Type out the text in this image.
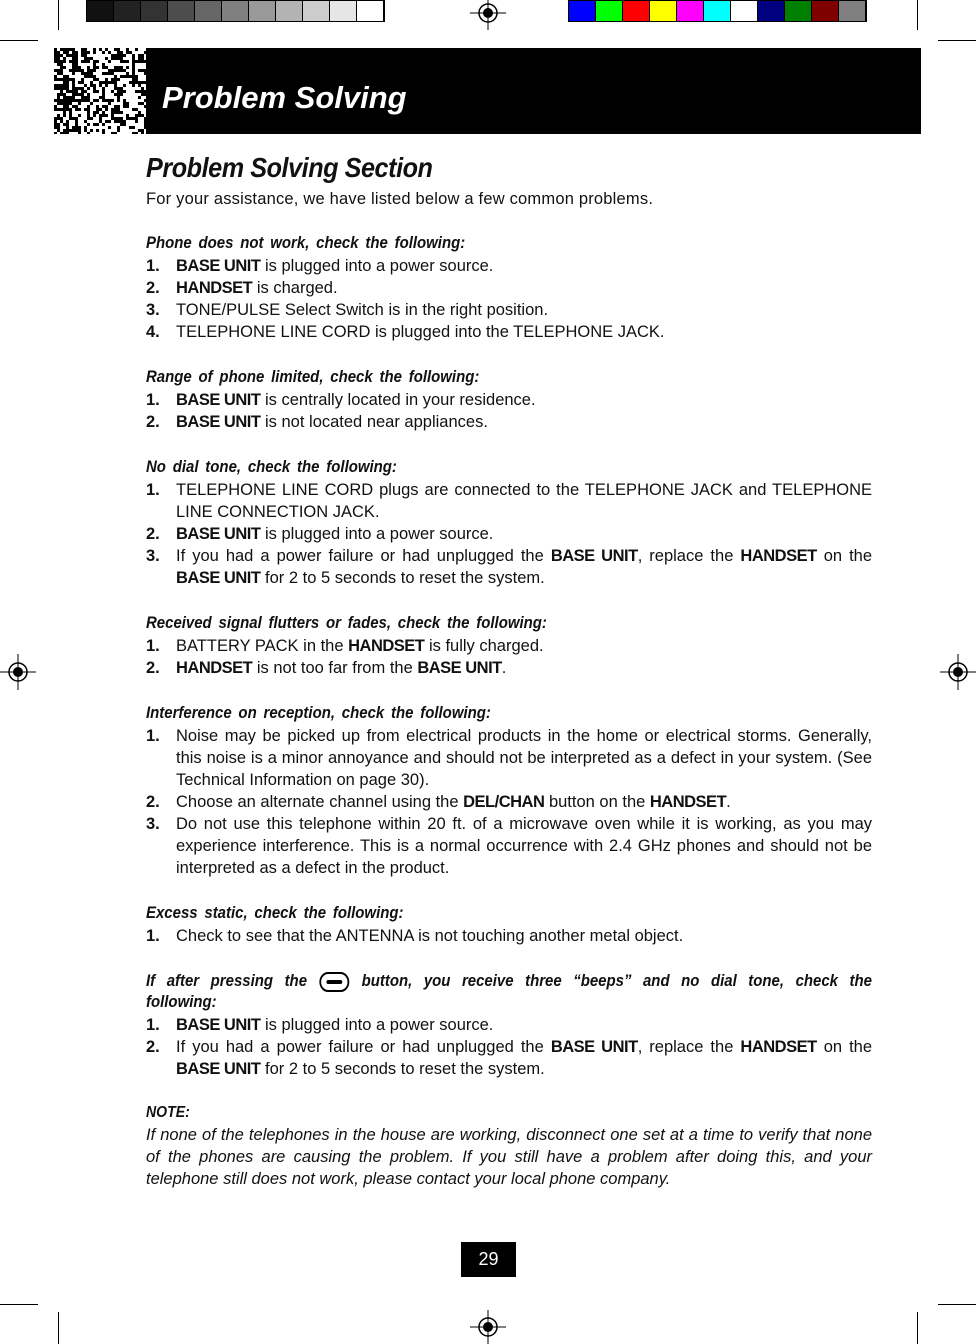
Problem Solving
Problem Solving Section

For your assistance, we have listed below a few common problems.

Phone does not work, check the following:
1. BASE UNIT is plugged into a power source.
2. HANDSET is charged.
3. TONE/PULSE Select Switch is in the right position.
4. TELEPHONE LINE CORD is plugged into the TELEPHONE JACK.
Range of phone limited, check the following:
1. BASE UNIT is centrally located in your residence.
2. BASE UNIT is not located near appliances.
No dial tone, check the following:
1. TELEPHONE LINE CORD plugs are connected to the TELEPHONE JACK and TELEPHONE LINE CONNECTION JACK.
2. BASE UNIT is plugged into a power source.
3. If you had a power failure or had unplugged the BASE UNIT, replace the HANDSET on the BASE UNIT for 2 to 5 seconds to reset the system.
Received signal flutters or fades, check the following:
1. BATTERY PACK in the HANDSET is fully charged.
2. HANDSET is not too far from the BASE UNIT.
Interference on reception, check the following:
1. Noise may be picked up from electrical products in the home or electrical storms. Generally, this noise is a minor annoyance and should not be interpreted as a defect in your system. (See Technical Information on page 30).
2. Choose an alternate channel using the DEL/CHAN button on the HANDSET.
3. Do not use this telephone within 20 ft. of a microwave oven while it is working, as you may experience interference. This is a normal occurrence with 2.4 GHz phones and should not be interpreted as a defect in the product.
Excess static, check the following:
1. Check to see that the ANTENNA is not touching another metal object.
If after pressing the	button, you receive three “beeps” and no dial tone, check the following:
1. BASE UNIT is plugged into a power source.
2. If you had a power failure or had unplugged the BASE UNIT, replace the HANDSET on the BASE UNIT for 2 to 5 seconds to reset the system.
NOTE:

If none of the telephones in the house are working, disconnect one set at a time to verify that none of the phones are causing the problem. If you still have a problem after doing this, and your telephone still does not work, please contact your local phone company.

29
